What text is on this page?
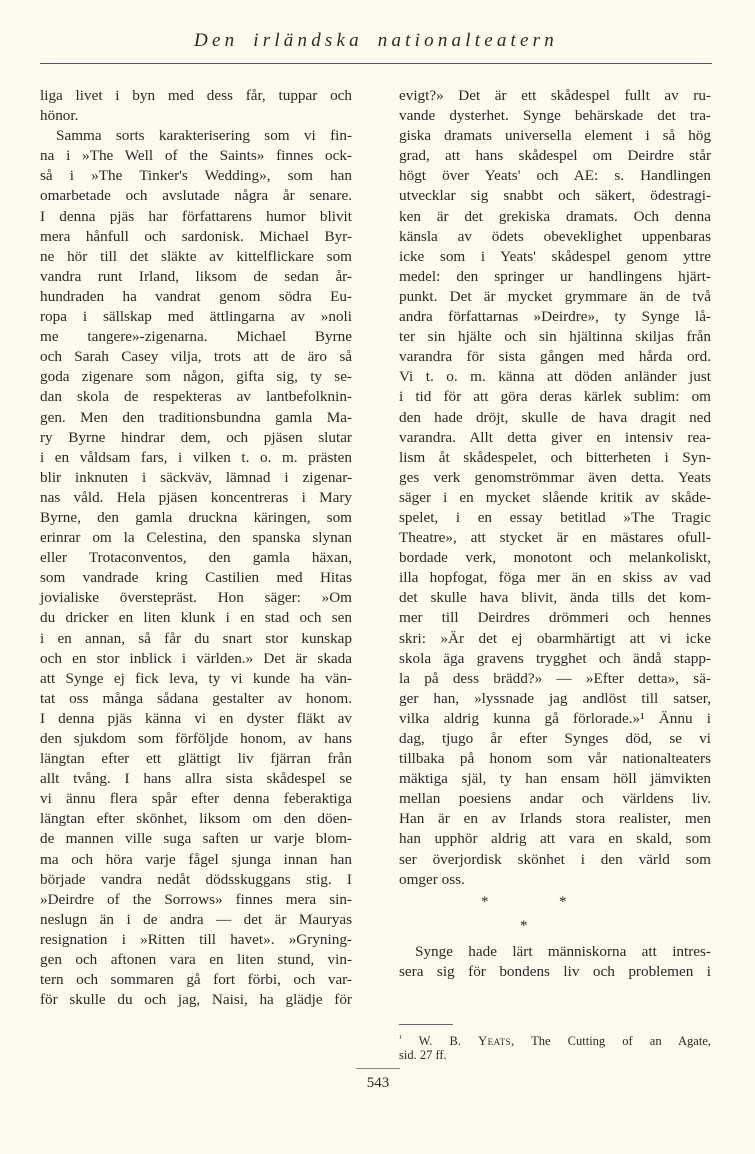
Den irländska nationalteatern
liga livet i byn med dess får, tuppar och
hönor.
Samma sorts karakterisering som vi fin-
na i »The Well of the Saints» finnes ock-
så i »The Tinker's Wedding», som han
omarbetade och avslutade några år senare.
I denna pjäs har författarens humor blivit
mera hånfull och sardonisk. Michael Byr-
ne hör till det släkte av kittelflickare som
vandra runt Irland, liksom de sedan år-
hundraden ha vandrat genom södra Eu-
ropa i sällskap med ättlingarna av »noli
me tangere»-zigenarna. Michael Byrne
och Sarah Casey vilja, trots att de äro så
goda zigenare som någon, gifta sig, ty se-
dan skola de respekteras av lantbefolknin-
gen. Men den traditionsbundna gamla Ma-
ry Byrne hindrar dem, och pjäsen slutar
i en våldsam fars, i vilken t. o. m. prästen
blir inknuten i säckväv, lämnad i zigenar-
nas våld. Hela pjäsen koncentreras i Mary
Byrne, den gamla druckna käringen, som
erinrar om la Celestina, den spanska slynan
eller Trotaconventos, den gamla häxan,
som vandrade kring Castilien med Hitas
jovialiske överstepräst. Hon säger: »Om
du dricker en liten klunk i en stad och sen
i en annan, så får du snart stor kunskap
och en stor inblick i världen.» Det är skada
att Synge ej fick leva, ty vi kunde ha vän-
tat oss många sådana gestalter av honom.
I denna pjäs känna vi en dyster fläkt av
den sjukdom som förföljde honom, av hans
längtan efter ett glättigt liv fjärran från
allt tvång. I hans allra sista skådespel se
vi ännu flera spår efter denna feberaktiga
längtan efter skönhet, liksom om den döen-
de mannen ville suga saften ur varje blom-
ma och höra varje fågel sjunga innan han
började vandra nedåt dödsskuggans stig. I
»Deirdre of the Sorrows» finnes mera sin-
neslugn än i de andra — det är Mauryas
resignation i »Ritten till havet». »Gryning-
gen och aftonen vara en liten stund, vin-
tern och sommaren gå fort förbi, och var-
för skulle du och jag, Naisi, ha glädje för
evigt?» Det är ett skådespel fullt av ru-
vande dysterhet. Synge behärskade det tra-
giska dramats universella element i så hög
grad, att hans skådespel om Deirdre står
högt över Yeats' och AE: s. Handlingen
utvecklar sig snabbt och säkert, ödestragi-
ken är det grekiska dramats. Och denna
känsla av ödets obeveklighet uppenbaras
icke som i Yeats' skådespel genom yttre
medel: den springer ur handlingens hjärt-
punkt. Det är mycket grymmare än de två
andra författarnas »Deirdre», ty Synge lå-
ter sin hjälte och sin hjältinna skiljas från
varandra för sista gången med hårda ord.
Vi t. o. m. känna att döden anländer just
i tid för att göra deras kärlek sublim: om
den hade dröjt, skulle de hava dragit ned
varandra. Allt detta giver en intensiv rea-
lism åt skådespelet, och bitterheten i Syn-
ges verk genomströmmar även detta. Yeats
säger i en mycket slående kritik av skåde-
spelet, i en essay betitlad »The Tragic
Theatre», att stycket är en mästares ofull-
bordade verk, monotont och melankoliskt,
illa hopfogat, föga mer än en skiss av vad
det skulle hava blivit, ända tills det kom-
mer till Deirdres drömmeri och hennes
skri: »Är det ej obarmhärtigt att vi icke
skola äga gravens trygghet och ändå stapp-
la på dess brädd?» — »Efter detta», sä-
ger han, »lyssnade jag andlöst till satser,
vilka aldrig kunna gå förlorade.»¹ Ännu i
dag, tjugo år efter Synges död, se vi
tillbaka på honom som vår nationalteaters
mäktiga själ, ty han ensam höll jämvikten
mellan poesiens andar och världens liv.
Han är en av Irlands stora realister, men
han upphör aldrig att vara en skald, som
ser överjordisk skönhet i den värld som
omger oss.
*	*
*
Synge hade lärt människorna att intres-
sera sig för bondens liv och problemen i
$^{^1}$ W. B. Yeats, The Cutting of an Agate,
sid. 27 ff.
543
